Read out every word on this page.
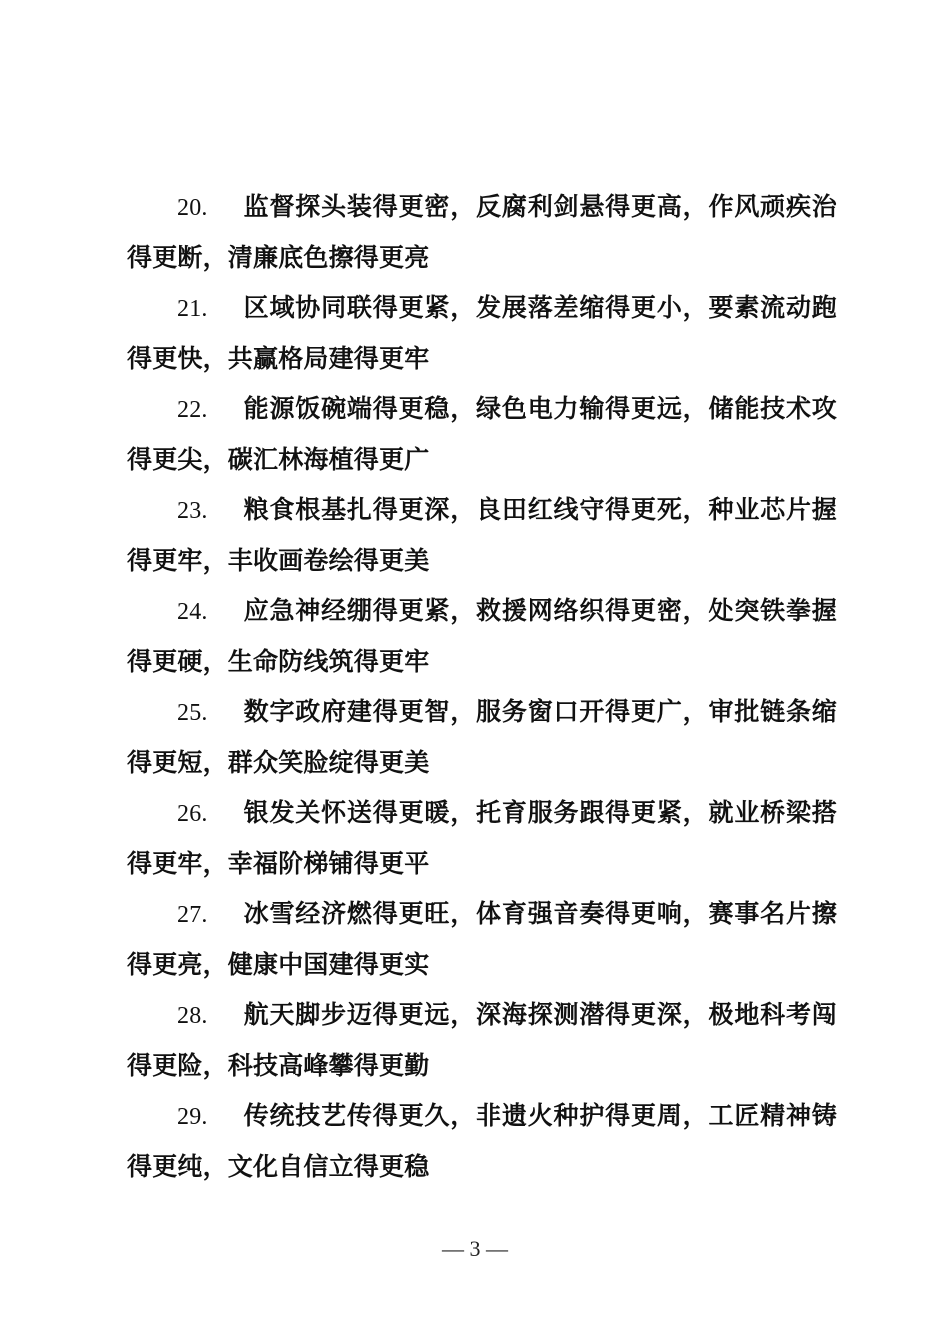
20. 监督探头装得更密，反腐利剑悬得更高，作风顽疾治得更断，清廉底色擦得更亮

21. 区域协同联得更紧，发展落差缩得更小，要素流动跑得更快，共赢格局建得更牢

22. 能源饭碗端得更稳，绿色电力输得更远，储能技术攻得更尖，碳汇林海植得更广

23. 粮食根基扎得更深，良田红线守得更死，种业芯片握得更牢，丰收画卷绘得更美

24. 应急神经绷得更紧，救援网络织得更密，处突铁拳握得更硬，生命防线筑得更牢

25. 数字政府建得更智，服务窗口开得更广，审批链条缩得更短，群众笑脸绽得更美

26. 银发关怀送得更暖，托育服务跟得更紧，就业桥梁搭得更牢，幸福阶梯铺得更平

27. 冰雪经济燃得更旺，体育强音奏得更响，赛事名片擦得更亮，健康中国建得更实

28. 航天脚步迈得更远，深海探测潜得更深，极地科考闯得更险，科技高峰攀得更勤

29. 传统技艺传得更久，非遗火种护得更周，工匠精神铸得更纯，文化自信立得更稳

— 3 —
